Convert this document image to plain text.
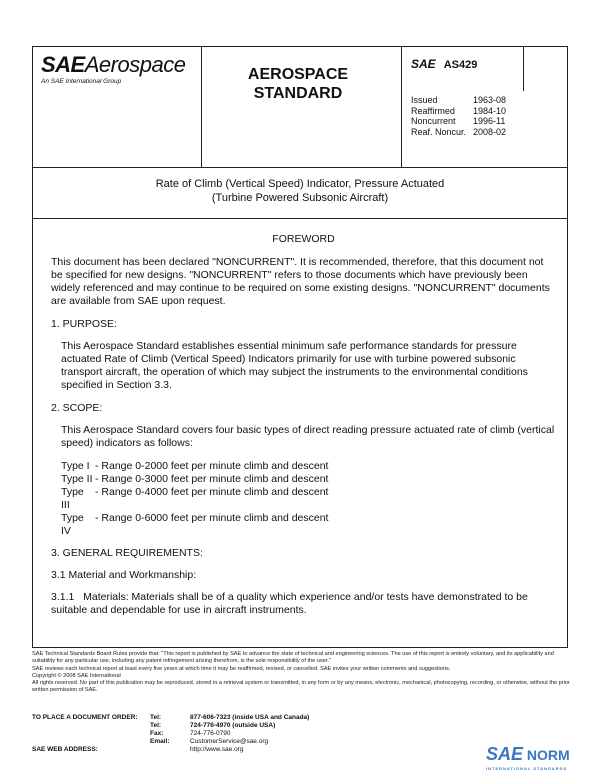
SAEAerospace
An SAE International Group	AEROSPACE
STANDARD
SAE AS429
Issued	1963-08
Reaffirmed	1984-10
Noncurrent	1996-11
Reaf. Noncur. 2008-02
Rate of Climb (Vertical Speed) Indicator, Pressure Actuated
(Turbine Powered Subsonic Aircraft)

FOREWORD

This document has been declared "NONCURRENT". It is recommended, therefore, that this document not be specified for new designs. "NONCURRENT" refers to those documents which have previously been widely referenced and may continue to be required on some existing designs. "NONCURRENT" documents are available from SAE upon request.

1. PURPOSE:

This Aerospace Standard establishes essential minimum safe performance standards for pressure actuated Rate of Climb (Vertical Speed) Indicators primarily for use with turbine powered subsonic transport aircraft, the operation of which may subject the instruments to the environmental conditions specified in Section 3.3.

2. SCOPE:

This Aerospace Standard covers four basic types of direct reading pressure actuated rate of climb (vertical speed) indicators as follows:

Type I - Range 0-2000 feet per minute climb and descent
Type II - Range 0-3000 feet per minute climb and descent
Type III
- Range 0-4000 feet per minute climb and descent
Type IV
- Range 0-6000 feet per minute climb and descent

3. GENERAL REQUIREMENTS:

3.1 Material and Workmanship:

3.1.1   Materials: Materials shall be of a quality which experience and/or tests have demonstrated to be suitable and dependable for use in aircraft instruments.

SAE Technical Standards Board Rules provide that: "This report is published by SAE to advance the state of technical and engineering sciences. The use of this report is entirely voluntary, and its applicability and suitability for any particular use, including any patent infringement arising therefrom, is the sole responsibility of the user."

SAE reviews each technical report at least every five years at which time it may be reaffirmed, revised, or cancelled. SAE invites your written comments and suggestions.

Copyright © 2008 SAE International

All rights reserved. No part of this publication may be reproduced, stored in a retrieval system or transmitted, in any form or by any means, electronic, mechanical, photocopying, recording, or otherwise, without the prior written permission of SAE.

TO PLACE A DOCUMENT ORDER:	Tel:	877-606-7323 (inside USA and Canada)
Tel:	724-776-4970 (outside USA)
Fax:	724-776-0790
Email:	CustomerService@sae.org
SAE WEB ADDRESS:	http://www.sae.org	SAE NORM
INTERNATIONAL STANDARDS
